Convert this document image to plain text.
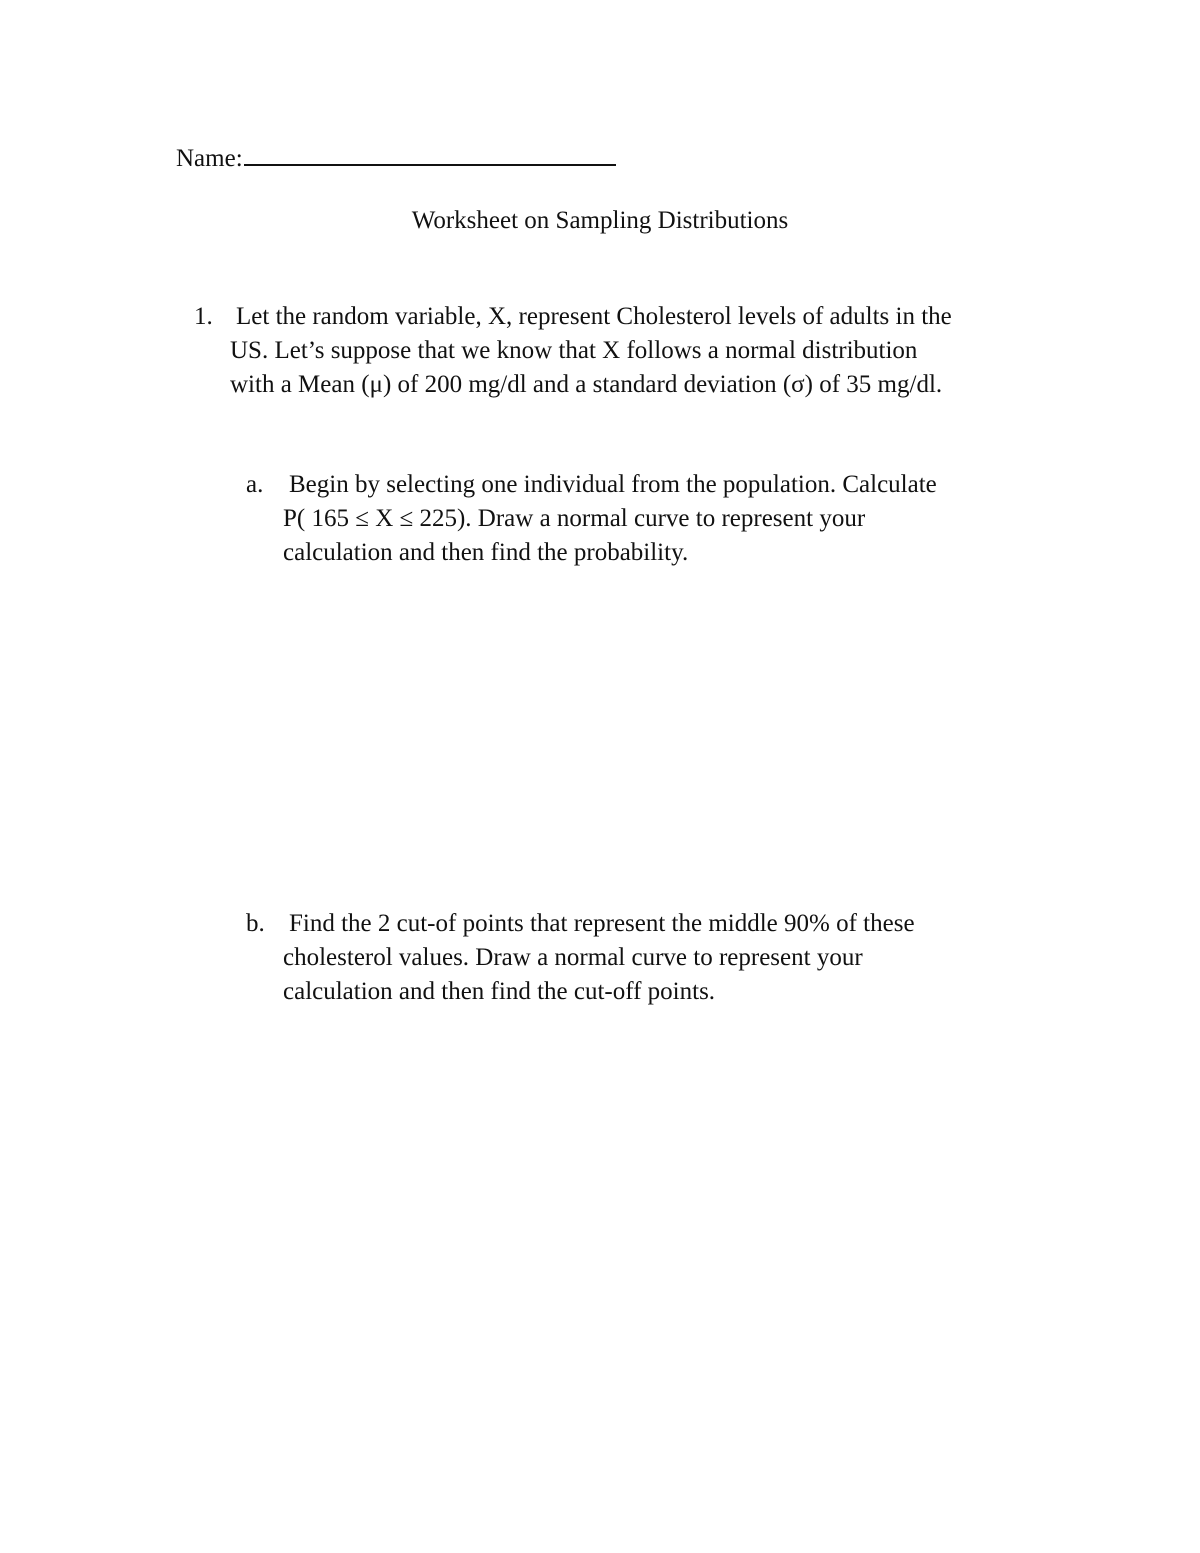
Name:
Worksheet on Sampling Distributions
1. Let the random variable, X, represent Cholesterol levels of adults in the
US. Let’s suppose that we know that X follows a normal distribution
with a Mean (μ) of 200 mg/dl and a standard deviation (σ) of 35 mg/dl.
a. Begin by selecting one individual from the population. Calculate
P( 165 ≤ X ≤ 225). Draw a normal curve to represent your
calculation and then find the probability.
b. Find the 2 cut-of points that represent the middle 90% of these
cholesterol values. Draw a normal curve to represent your
calculation and then find the cut-off points.
